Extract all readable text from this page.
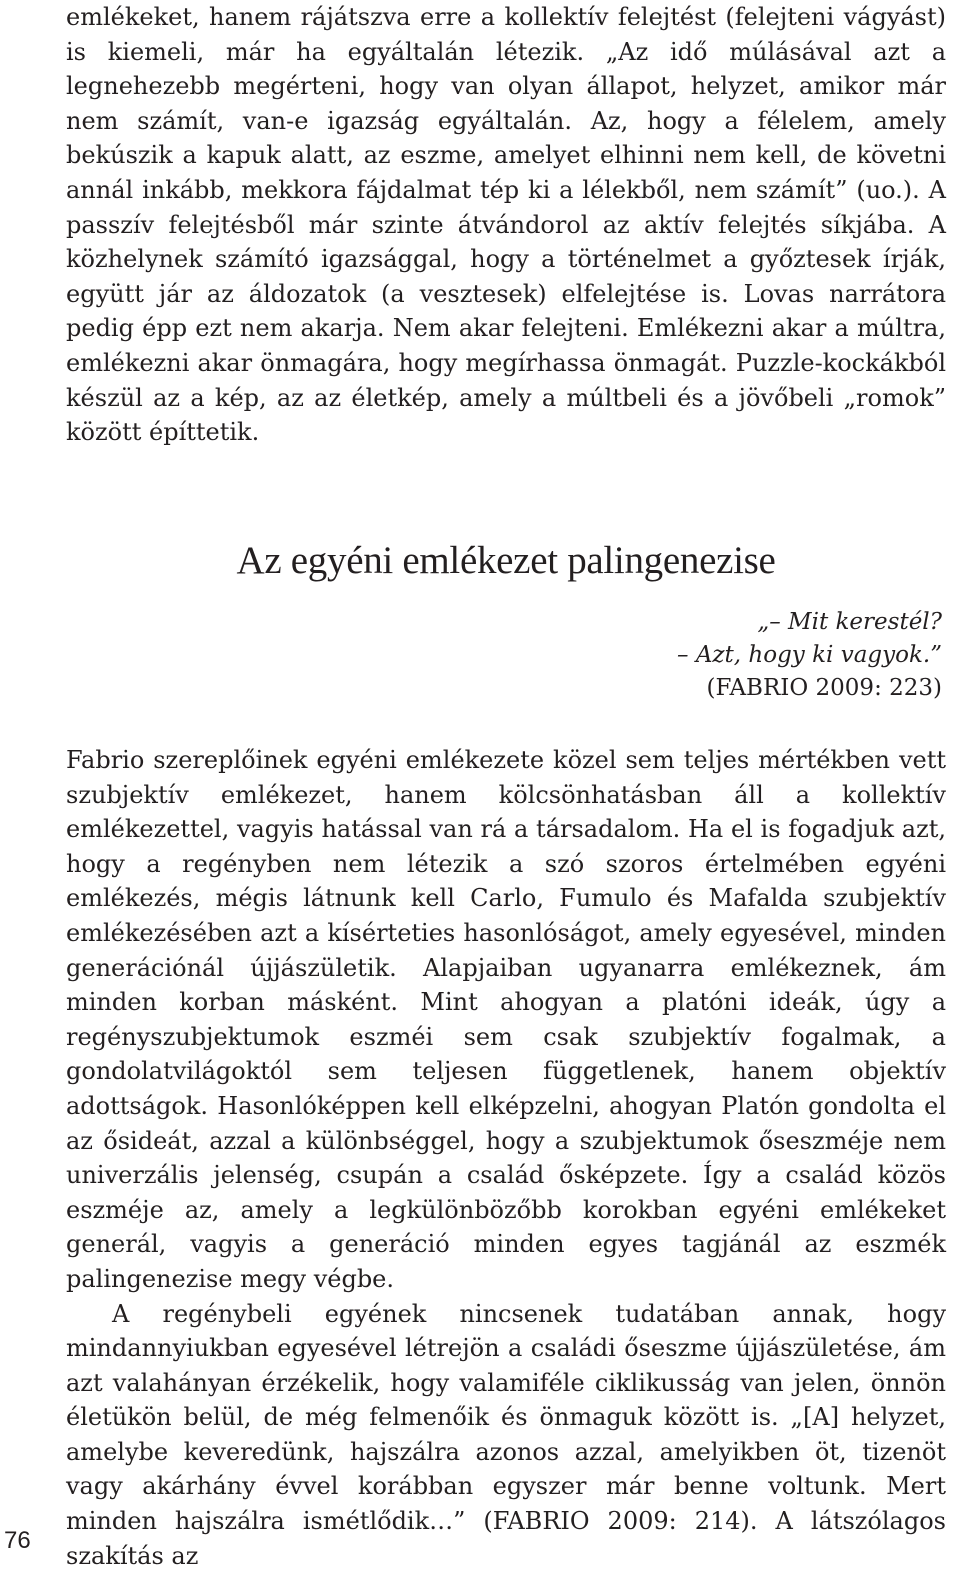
emlékeket, hanem rájátszva erre a kollektív felejtést (felejteni vágyást) is kiemeli, már ha egyáltalán létezik. „Az idő múlásával azt a legnehezebb megérteni, hogy van olyan állapot, helyzet, amikor már nem számít, van-e igazság egyáltalán. Az, hogy a félelem, amely bekúszik a kapuk alatt, az eszme, amelyet elhinni nem kell, de követni annál inkább, mekkora fájdalmat tép ki a lélekből, nem számít” (uo.). A passzív felejtésből már szinte átvándorol az aktív felejtés síkjába. A közhelynek számító igazsággal, hogy a történelmet a győztesek írják, együtt jár az áldozatok (a vesztesek) elfelejtése is. Lovas narrátora pedig épp ezt nem akarja. Nem akar felejteni. Emlékezni akar a múltra, emlékezni akar önmagára, hogy megírhassa önmagát. Puzzle-kockákból készül az a kép, az az életkép, amely a múltbeli és a jövőbeli „romok” között építtetik.

Az egyéni emlékezet palingenezise
„– Mit kerestél?
– Azt, hogy ki vagyok.”
(FABRIO 2009: 223)

Fabrio szereplőinek egyéni emlékezete közel sem teljes mértékben vett szubjektív emlékezet, hanem kölcsönhatásban áll a kollektív emlékezettel, vagyis hatással van rá a társadalom. Ha el is fogadjuk azt, hogy a regényben nem létezik a szó szoros értelmében egyéni emlékezés, mégis látnunk kell Carlo, Fumulo és Mafalda szubjektív emlékezésében azt a kísérteties hasonlóságot, amely egyesével, minden generációnál újjászületik. Alapjaiban ugyanarra emlékeznek, ám minden korban másként. Mint ahogyan a platóni ideák, úgy a regényszubjektumok eszméi sem csak szubjektív fogalmak, a gondolatvilágoktól sem teljesen függetlenek, hanem objektív adottságok. Hasonlóképpen kell elképzelni, ahogyan Platón gondolta el az ősideát, azzal a különbséggel, hogy a szubjektumok őseszméje nem univerzális jelenség, csupán a család ősképzete. Így a család közös eszméje az, amely a legkülönbözőbb korokban egyéni emlékeket generál, vagyis a generáció minden egyes tagjánál az eszmék palingenezise megy végbe.

A regénybeli egyének nincsenek tudatában annak, hogy mindannyiukban egyesével létrejön a családi őseszme újjászületése, ám azt valahányan érzékelik, hogy valamiféle ciklikusság van jelen, önnön életükön belül, de még felmenőik és önmaguk között is. „[A] helyzet, amelybe keveredünk, hajszálra azonos azzal, amelyikben öt, tizenöt vagy akárhány évvel korábban egyszer már benne voltunk. Mert minden hajszálra ismétlődik…” (FABRIO 2009: 214). A látszólagos szakítás az

76
